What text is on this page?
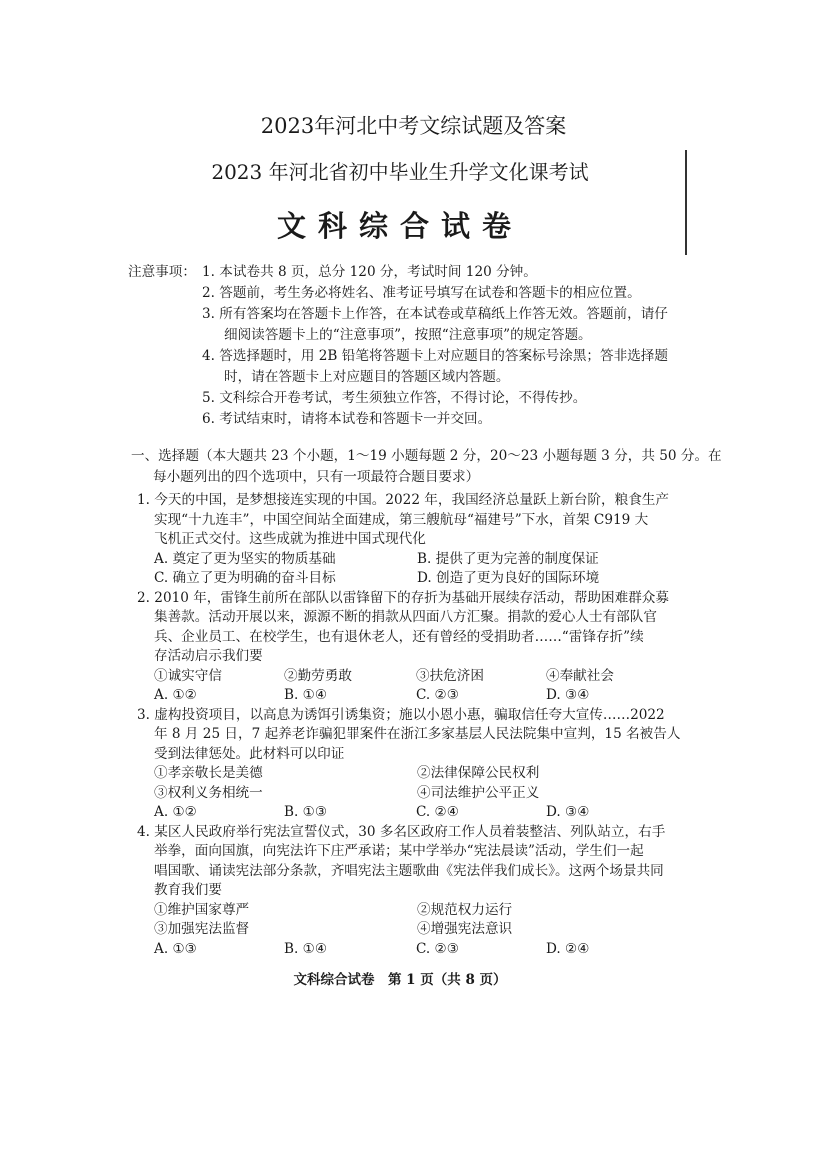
2023年河北中考文综试题及答案
2023 年河北省初中毕业生升学文化课考试
文科综合试卷
注意事项： 1. 本试卷共 8 页，总分 120 分，考试时间 120 分钟。
2. 答题前，考生务必将姓名、准考证号填写在试卷和答题卡的相应位置。
3. 所有答案均在答题卡上作答，在本试卷或草稿纸上作答无效。答题前，请仔
细阅读答题卡上的“注意事项”，按照“注意事项”的规定答题。
4. 答选择题时，用 2B 铅笔将答题卡上对应题目的答案标号涂黑；答非选择题
时，请在答题卡上对应题目的答题区域内答题。
5. 文科综合开卷考试，考生须独立作答，不得讨论，不得传抄。
6. 考试结束时，请将本试卷和答题卡一并交回。
一、选择题（本大题共 23 个小题，1～19 小题每题 2 分，20～23 小题每题 3 分，共 50 分。在
每小题列出的四个选项中，只有一项最符合题目要求）
1. 今天的中国，是梦想接连实现的中国。2022 年，我国经济总量跃上新台阶，粮食生产
实现“十九连丰”，中国空间站全面建成，第三艘航母“福建号”下水，首架 C919 大
飞机正式交付。这些成就为推进中国式现代化
A. 奠定了更为坚实的物质基础	B. 提供了更为完善的制度保证
C. 确立了更为明确的奋斗目标	D. 创造了更为良好的国际环境
2. 2010 年，雷锋生前所在部队以雷锋留下的存折为基础开展续存活动，帮助困难群众募
集善款。活动开展以来，源源不断的捐款从四面八方汇聚。捐款的爱心人士有部队官
兵、企业员工、在校学生，也有退休老人，还有曾经的受捐助者……“雷锋存折”续
存活动启示我们要
①诚实守信	②勤劳勇敢	③扶危济困	④奉献社会
A. ①②	B. ①④	C. ②③	D. ③④
3. 虚构投资项目，以高息为诱饵引诱集资；施以小恩小惠，骗取信任夸大宣传……2022
年 8 月 25 日，7 起养老诈骗犯罪案件在浙江多家基层人民法院集中宣判，15 名被告人
受到法律惩处。此材料可以印证
①孝亲敬长是美德	②法律保障公民权利
③权利义务相统一	④司法维护公平正义
A. ①②	B. ①③	C. ②④	D. ③④
4. 某区人民政府举行宪法宣誓仪式，30 多名区政府工作人员着装整洁、列队站立，右手
举拳，面向国旗，向宪法许下庄严承诺；某中学举办“宪法晨读”活动，学生们一起
唱国歌、诵读宪法部分条款，齐唱宪法主题歌曲《宪法伴我们成长》。这两个场景共同
教育我们要
①维护国家尊严	②规范权力运行
③加强宪法监督	④增强宪法意识
A. ①③	B. ①④	C. ②③	D. ②④
文科综合试卷　第 1 页（共 8 页）
